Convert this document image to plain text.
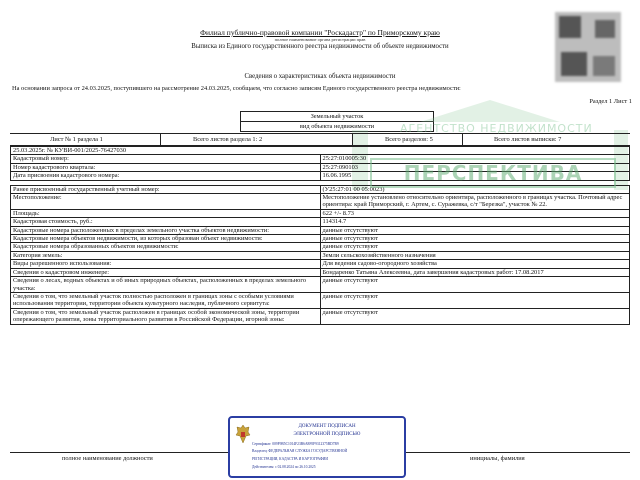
Филиал публично-правовой компании "Роскадастр" по Приморскому краю
полное наименование органа регистрации прав
Выписка из Единого государственного реестра недвижимости об объекте недвижимости
Сведения о характеристиках объекта недвижимости
На основании запроса от 24.03.2025, поступившего на рассмотрение 24.03.2025, сообщаем, что согласно записям Единого государственного реестра недвижимости:
Раздел 1 Лист 1
Земельный участок
вид объекта недвижимости
Лист № 1 раздела 1	Всего листов раздела 1: 2	Всего разделов: 5	Всего листов выписки: 7
25.03.2025г. № КУВИ-001/2025-76427030	
Кадастровый номер:	25:27:010005:30
Номер кадастрового квартала:	25:27:090103
Дата присвоения кадастрового номера:	16.06.1995

Ранее присвоенный государственный учетный номер:	(У25:27:01 00 05:0023)
Местоположение:	Местоположение установлено относительно ориентира, расположенного в границах участка. Почтовый адрес ориентира: край Приморский, г. Артем, с. Суражевка, с/т "Березка", участок № 22.
Площадь:	622 +/- 8.73
Кадастровая стоимость, руб.:	114314.7
Кадастровые номера расположенных в пределах земельного участка объектов недвижимости:	данные отсутствуют
Кадастровые номера объектов недвижимости, из которых образован объект недвижимости:	данные отсутствуют
Кадастровые номера образованных объектов недвижимости:	данные отсутствуют
Категория земель:	Земли сельскохозяйственного назначения
Виды разрешенного использования:	Для ведения садово-огородного хозяйства
Сведения о кадастровом инженере:	Бондаренко Татьяна Алексеевна, дата завершения кадастровых работ: 17.08.2017
Сведения о лесах, водных объектах и об иных природных объектах, расположенных в пределах земельного участка:	данные отсутствуют
Сведения о том, что земельный участок полностью расположен в границах зоны с особыми условиями использования территории, территории объекта культурного наследия, публичного сервитута:	данные отсутствуют
Сведения о том, что земельный участок расположен в границах особой экономической зоны, территории опережающего развития, зоны территориального развития в Российской Федерации, игорной зоны:	данные отсутствуют
АГЕНТСТВО НЕДВИЖИМОСТИ
ПЕРСПЕКТИВА
полное наименование должности	инициалы, фамилия
ДОКУМЕНТ ПОДПИСАН
ЭЛЕКТРОННОЙ ПОДПИСЬЮ
Сертификат: 009F9B5C1014F23B6A8F0F9312375BD7B9
Владелец: ФЕДЕРАЛЬНАЯ СЛУЖБА ГОСУДАРСТВЕННОЙ
РЕГИСТРАЦИИ, КАДАСТРА И КАРТОГРАФИИ
Действителен: с 02.08.2024 по 26.10.2025
